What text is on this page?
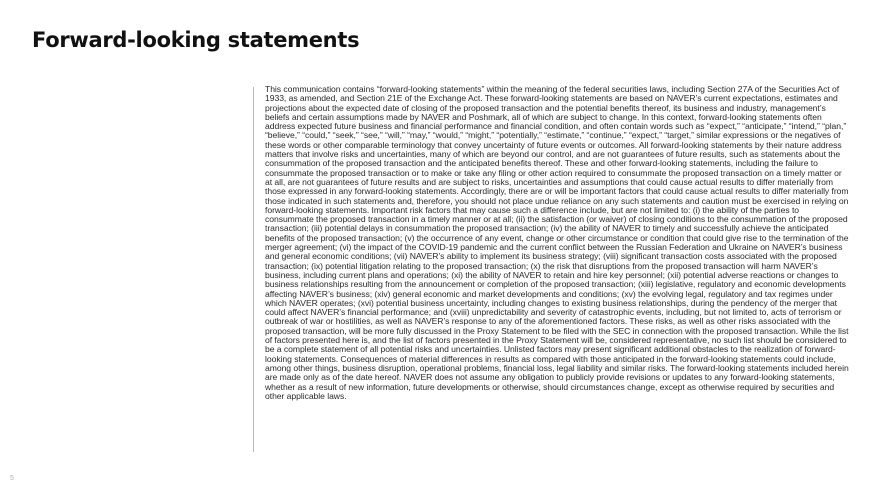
Forward-looking statements

This communication contains “forward-looking statements” within the meaning of the federal securities laws, including Section 27A of the Securities Act of 1933, as amended, and Section 21E of the Exchange Act. These forward-looking statements are based on NAVER’s current expectations, estimates and projections about the expected date of closing of the proposed transaction and the potential benefits thereof, its business and industry, management’s beliefs and certain assumptions made by NAVER and Poshmark, all of which are subject to change. In this context, forward-looking statements often address expected future business and financial performance and financial condition, and often contain words such as “expect,” “anticipate,” “intend,” “plan,” “believe,” “could,” “seek,” “see,” “will,” “may,” “would,” “might,” “potentially,” “estimate,” “continue,” “expect,” “target,” similar expressions or the negatives of these words or other comparable terminology that convey uncertainty of future events or outcomes. All forward-looking statements by their nature address matters that involve risks and uncertainties, many of which are beyond our control, and are not guarantees of future results, such as statements about the consummation of the proposed transaction and the anticipated benefits thereof. These and other forward-looking statements, including the failure to consummate the proposed transaction or to make or take any filing or other action required to consummate the proposed transaction on a timely matter or at all, are not guarantees of future results and are subject to risks, uncertainties and assumptions that could cause actual results to differ materially from those expressed in any forward-looking statements. Accordingly, there are or will be important factors that could cause actual results to differ materially from those indicated in such statements and, therefore, you should not place undue reliance on any such statements and caution must be exercised in relying on forward-looking statements. Important risk factors that may cause such a difference include, but are not limited to: (i) the ability of the parties to consummate the proposed transaction in a timely manner or at all; (ii) the satisfaction (or waiver) of closing conditions to the consummation of the proposed transaction; (iii) potential delays in consummation the proposed transaction; (iv) the ability of NAVER to timely and successfully achieve the anticipated benefits of the proposed transaction; (v) the occurrence of any event, change or other circumstance or condition that could give rise to the termination of the merger agreement; (vi) the impact of the COVID-19 pandemic and the current conflict between the Russian Federation and Ukraine on NAVER’s business and general economic conditions; (vii) NAVER’s ability to implement its business strategy; (viii) significant transaction costs associated with the proposed transaction; (ix) potential litigation relating to the proposed transaction; (x) the risk that disruptions from the proposed transaction will harm NAVER’s business, including current plans and operations; (xi) the ability of NAVER to retain and hire key personnel; (xii) potential adverse reactions or changes to business relationships resulting from the announcement or completion of the proposed transaction; (xiii) legislative, regulatory and economic developments affecting NAVER’s business; (xiv) general economic and market developments and conditions; (xv) the evolving legal, regulatory and tax regimes under which NAVER operates; (xvi) potential business uncertainty, including changes to existing business relationships, during the pendency of the merger that could affect NAVER’s financial performance; and (xviii) unpredictability and severity of catastrophic events, including, but not limited to, acts of terrorism or outbreak of war or hostilities, as well as NAVER’s response to any of the aforementioned factors. These risks, as well as other risks associated with the proposed transaction, will be more fully discussed in the Proxy Statement to be filed with the SEC in connection with the proposed transaction. While the list of factors presented here is, and the list of factors presented in the Proxy Statement will be, considered representative, no such list should be considered to be a complete statement of all potential risks and uncertainties. Unlisted factors may present significant additional obstacles to the realization of forward-looking statements. Consequences of material differences in results as compared with those anticipated in the forward-looking statements could include, among other things, business disruption, operational problems, financial loss, legal liability and similar risks. The forward-looking statements included herein are made only as of the date hereof. NAVER does not assume any obligation to publicly provide revisions or updates to any forward-looking statements, whether as a result of new information, future developments or otherwise, should circumstances change, except as otherwise required by securities and other applicable laws.

5
